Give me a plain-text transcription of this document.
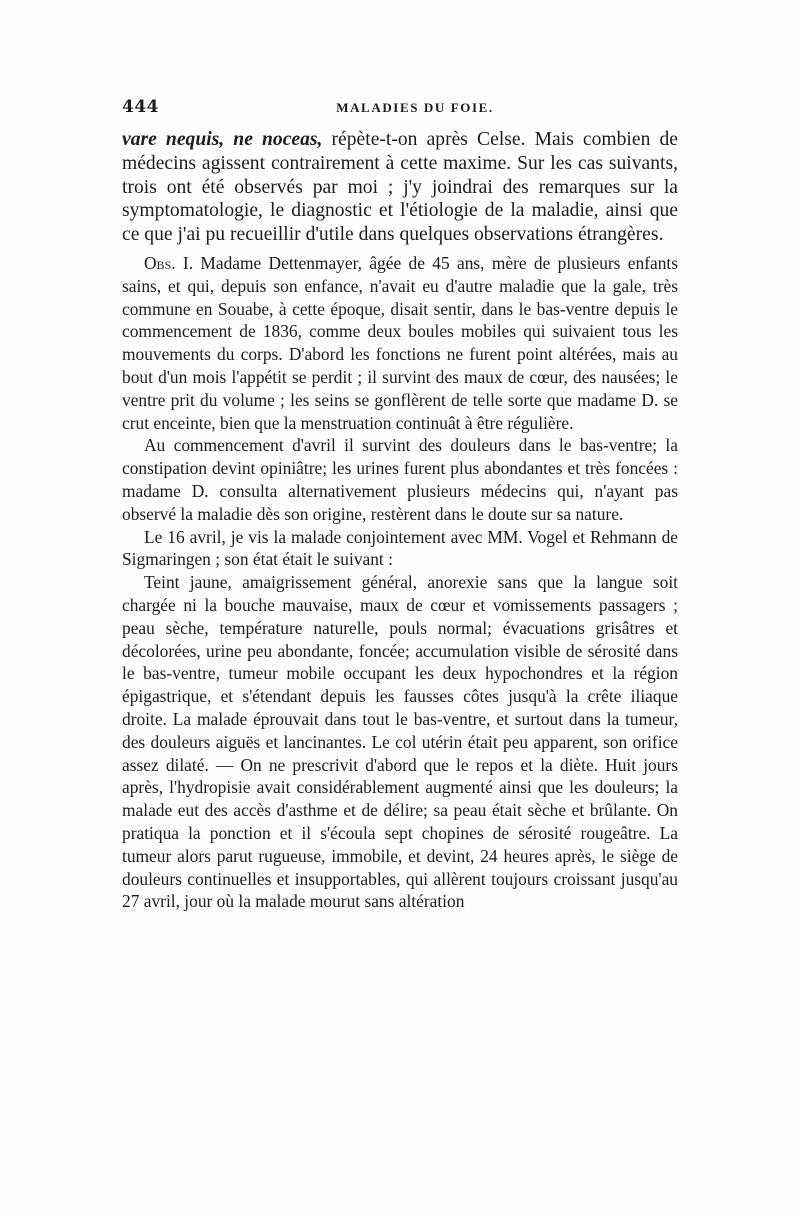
444	MALADIES DU FOIE.

vare nequis, ne noceas, répète-t-on après Celse. Mais combien de médecins agissent contrairement à cette maxime. Sur les cas suivants, trois ont été observés par moi ; j'y joindrai des remarques sur la symptomatologie, le diagnostic et l'étiologie de la maladie, ainsi que ce que j'ai pu recueillir d'utile dans quelques observations étrangères.

Obs. I. Madame Dettenmayer, âgée de 45 ans, mère de plusieurs enfants sains, et qui, depuis son enfance, n'avait eu d'autre maladie que la gale, très commune en Souabe, à cette époque, disait sentir, dans le bas-ventre depuis le commencement de 1836, comme deux boules mobiles qui suivaient tous les mouvements du corps. D'abord les fonctions ne furent point altérées, mais au bout d'un mois l'appétit se perdit ; il survint des maux de cœur, des nausées; le ventre prit du volume ; les seins se gonflèrent de telle sorte que madame D. se crut enceinte, bien que la menstruation continuât à être régulière.

Au commencement d'avril il survint des douleurs dans le bas-ventre; la constipation devint opiniâtre; les urines furent plus abondantes et très foncées : madame D. consulta alternativement plusieurs médecins qui, n'ayant pas observé la maladie dès son origine, restèrent dans le doute sur sa nature.

Le 16 avril, je vis la malade conjointement avec MM. Vogel et Rehmann de Sigmaringen ; son état était le suivant :

Teint jaune, amaigrissement général, anorexie sans que la langue soit chargée ni la bouche mauvaise, maux de cœur et vomissements passagers ; peau sèche, température naturelle, pouls normal; évacuations grisâtres et décolorées, urine peu abondante, foncée; accumulation visible de sérosité dans le bas-ventre, tumeur mobile occupant les deux hypochondres et la région épigastrique, et s'étendant depuis les fausses côtes jusqu'à la crête iliaque droite. La malade éprouvait dans tout le bas-ventre, et surtout dans la tumeur, des douleurs aiguës et lancinantes. Le col utérin était peu apparent, son orifice assez dilaté. — On ne prescrivit d'abord que le repos et la diète. Huit jours après, l'hydropisie avait considérablement augmenté ainsi que les douleurs; la malade eut des accès d'asthme et de délire; sa peau était sèche et brûlante. On pratiqua la ponction et il s'écoula sept chopines de sérosité rougeâtre. La tumeur alors parut rugueuse, immobile, et devint, 24 heures après, le siège de douleurs continuelles et insupportables, qui allèrent toujours croissant jusqu'au 27 avril, jour où la malade mourut sans altération
